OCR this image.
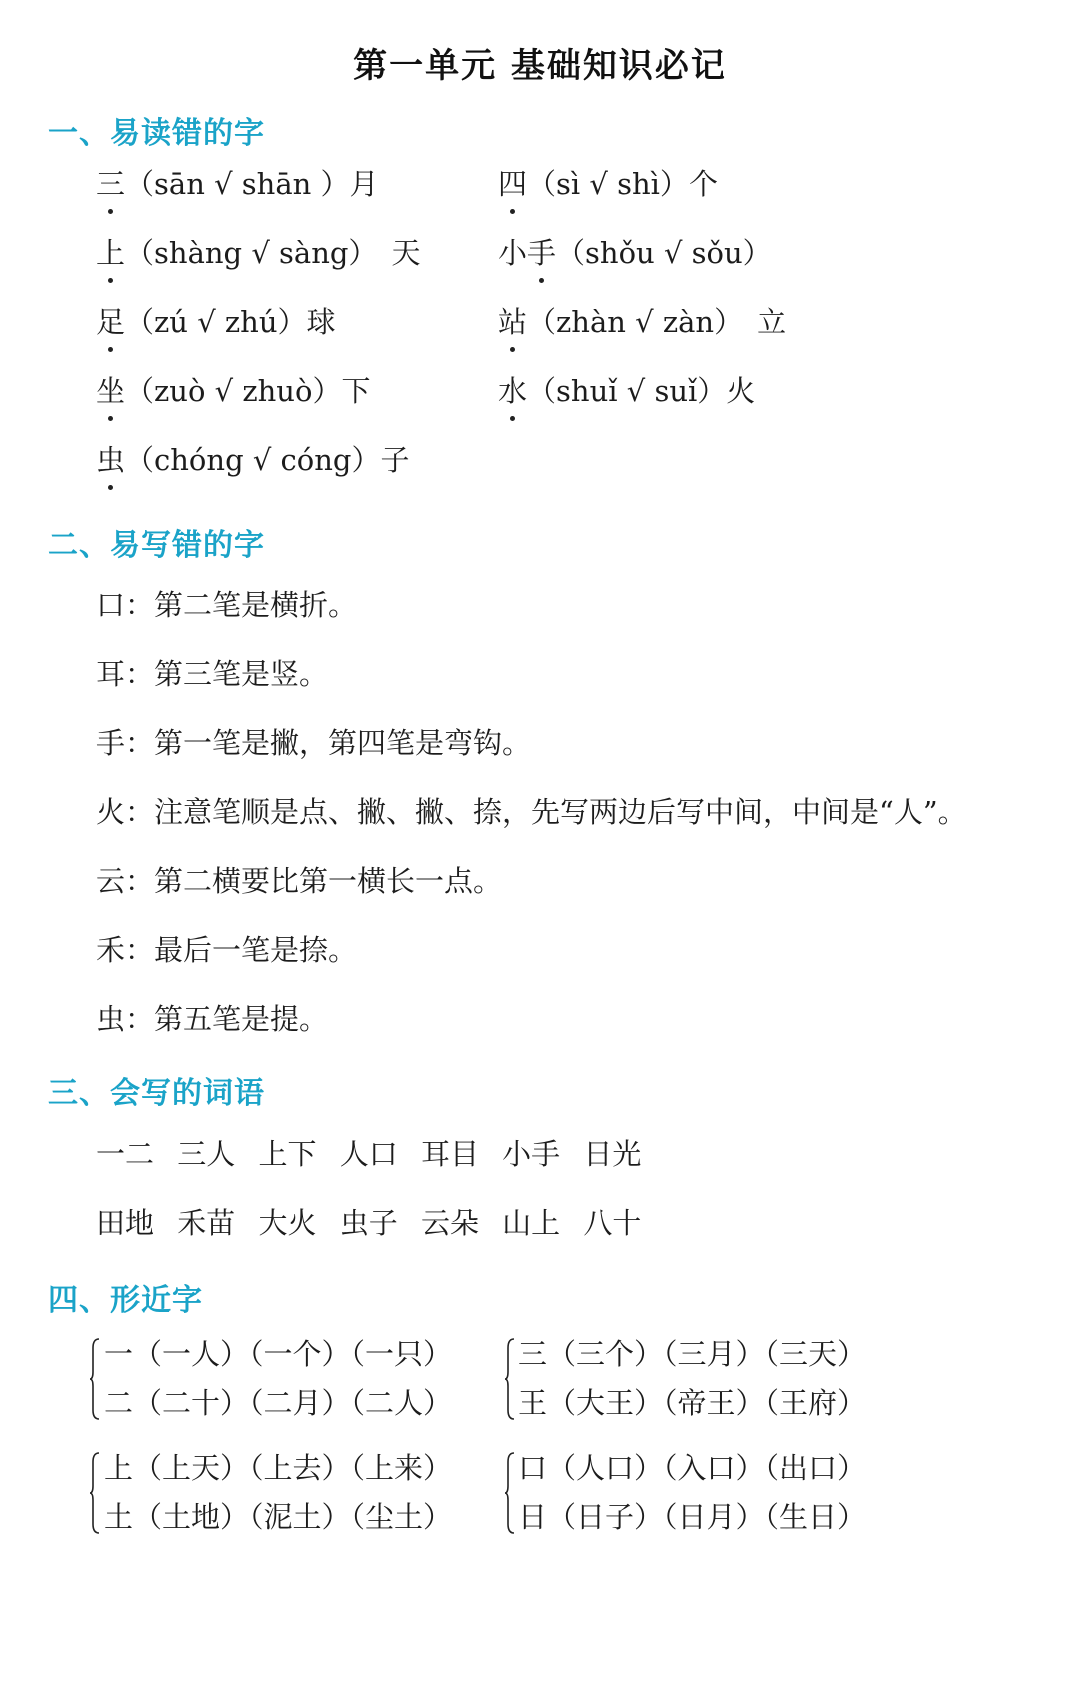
第一单元 基础知识必记
一、易读错的字
三（sān √ shān ）月	四（sì √ shì）个
上（shàng √ sàng） 天	小手（shǒu √ sǒu）
足（zú √ zhú）球	站（zhàn √ zàn） 立
坐（zuò √ zhuò）下	水（shuǐ √ suǐ）火
虫（chóng √ cóng）子
二、易写错的字
口：第二笔是横折。
耳：第三笔是竖。
手：第一笔是撇，第四笔是弯钩。
火：注意笔顺是点、撇、撇、捺，先写两边后写中间，中间是“人”。
云：第二横要比第一横长一点。
禾：最后一笔是捺。
虫：第五笔是提。
三、会写的词语
一二 三人 上下 人口 耳目 小手 日光
田地 禾苗 大火 虫子 云朵 山上 八十
四、形近字
一（一人）（一个）（一只）
二（二十）（二月）（二人）
三（三个）（三月）（三天）
王（大王）（帝王）（王府）
上（上天）（上去）（上来）
土（土地）（泥土）（尘土）
口（人口）（入口）（出口）
日（日子）（日月）（生日）
